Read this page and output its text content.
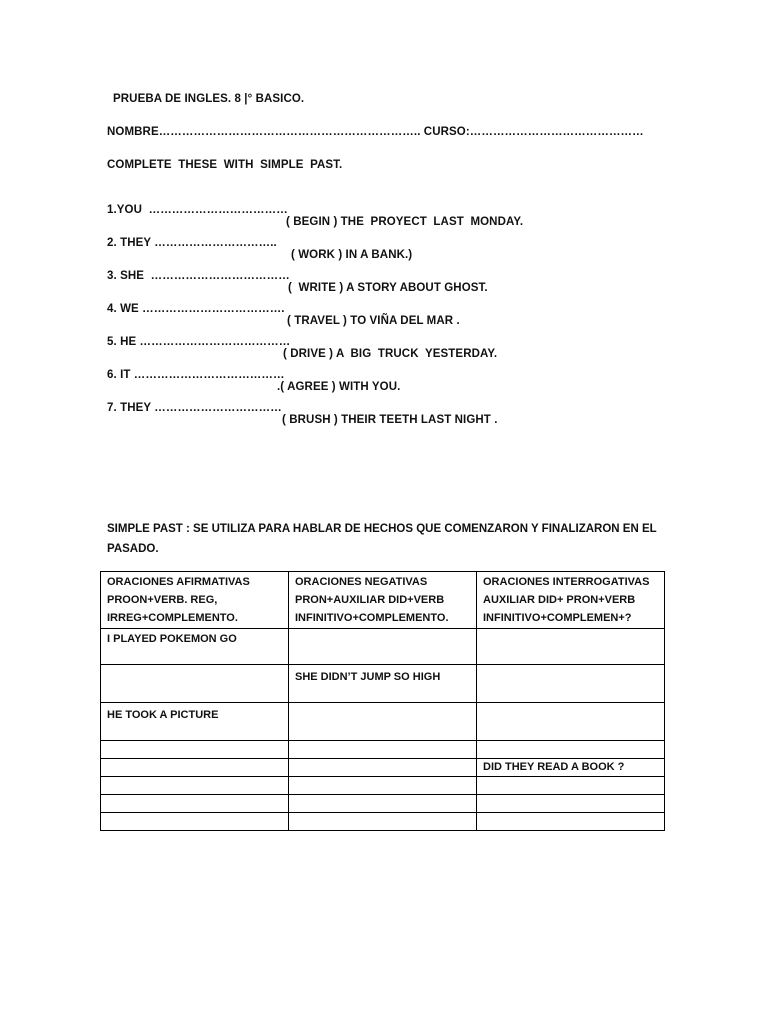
PRUEBA DE INGLES. 8 |° BASICO.
NOMBRE………………………………………………………….. CURSO:………………………………………
COMPLETE  THESE  WITH  SIMPLE  PAST.

1.YOU  ………………………………

( BEGIN ) THE  PROYECT  LAST  MONDAY.

2. THEY …………………………..

( WORK ) IN A BANK.)

3. SHE  ………………………………

(  WRITE ) A STORY ABOUT GHOST.

4. WE ……………………………….

( TRAVEL ) TO VIÑA DEL MAR .

5. HE …………………………………

( DRIVE ) A  BIG  TRUCK  YESTERDAY.

6. IT …………………………………

.( AGREE ) WITH YOU.

7. THEY ……………………………

( BRUSH ) THEIR TEETH LAST NIGHT .

SIMPLE PAST : SE UTILIZA PARA HABLAR DE HECHOS QUE COMENZARON Y FINALIZARON EN EL PASADO.
ORACIONES AFIRMATIVAS PROON+VERB. REG, IRREG+COMPLEMENTO.	ORACIONES NEGATIVAS PRON+AUXILIAR DID+VERB INFINITIVO+COMPLEMENTO.	ORACIONES INTERROGATIVAS AUXILIAR DID+ PRON+VERB INFINITIVO+COMPLEMEN+?
I PLAYED POKEMON GO		
	SHE DIDN’T JUMP SO HIGH	
HE TOOK A PICTURE		

		DID THEY READ A BOOK ?
